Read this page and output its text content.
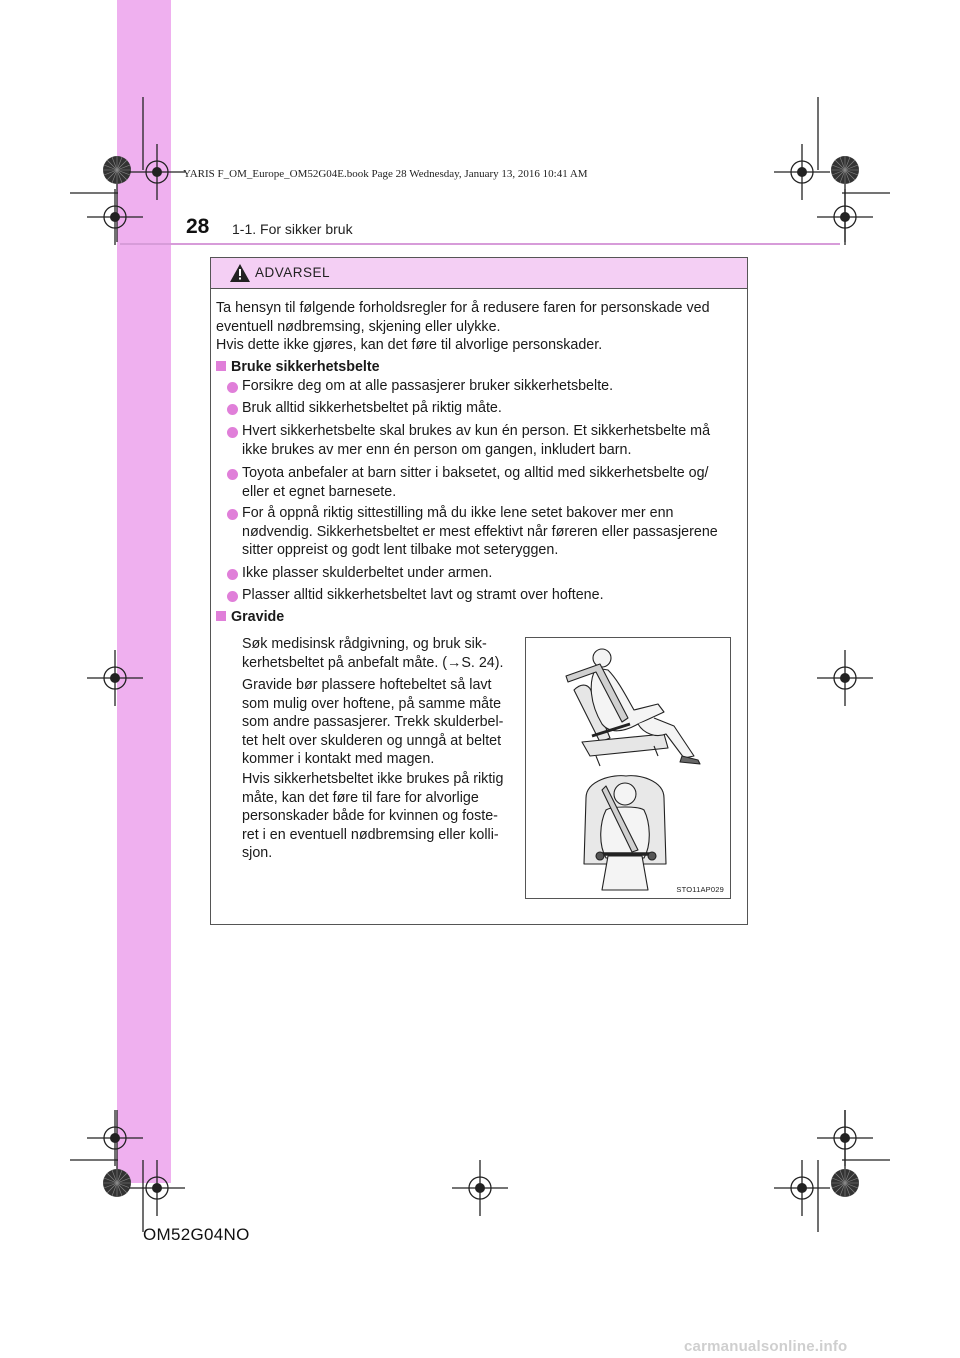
YARIS F_OM_Europe_OM52G04E.book Page 28 Wednesday, January 13, 2016 10:41 AM
28 1-1. For sikker bruk
ADVARSEL
Ta hensyn til følgende forholdsregler for å redusere faren for personskade ved
eventuell nødbremsing, skjening eller ulykke.
Hvis dette ikke gjøres, kan det føre til alvorlige personskader.
Bruke sikkerhetsbelte
Forsikre deg om at alle passasjerer bruker sikkerhetsbelte.
Bruk alltid sikkerhetsbeltet på riktig måte.
Hvert sikkerhetsbelte skal brukes av kun én person. Et sikkerhetsbelte må
ikke brukes av mer enn én person om gangen, inkludert barn.
Toyota anbefaler at barn sitter i baksetet, og alltid med sikkerhetsbelte og/
eller et egnet barnesete.
For å oppnå riktig sittestilling må du ikke lene setet bakover mer enn
nødvendig. Sikkerhetsbeltet er mest effektivt når føreren eller passasjerene
sitter oppreist og godt lent tilbake mot seteryggen.
Ikke plasser skulderbeltet under armen.
Plasser alltid sikkerhetsbeltet lavt og stramt over hoftene.
Gravide
Søk medisinsk rådgivning, og bruk sik-
kerhetsbeltet på anbefalt måte. (→S. 24).
Gravide bør plassere hoftebeltet så lavt
som mulig over hoftene, på samme måte
som andre passasjerer. Trekk skulderbel-
tet helt over skulderen og unngå at beltet
kommer i kontakt med magen.
Hvis sikkerhetsbeltet ikke brukes på riktig
måte, kan det føre til fare for alvorlige
personskader både for kvinnen og foste-
ret i en eventuell nødbremsing eller kolli-
sjon.
STO11AP029
OM52G04NO
carmanualsonline.info
